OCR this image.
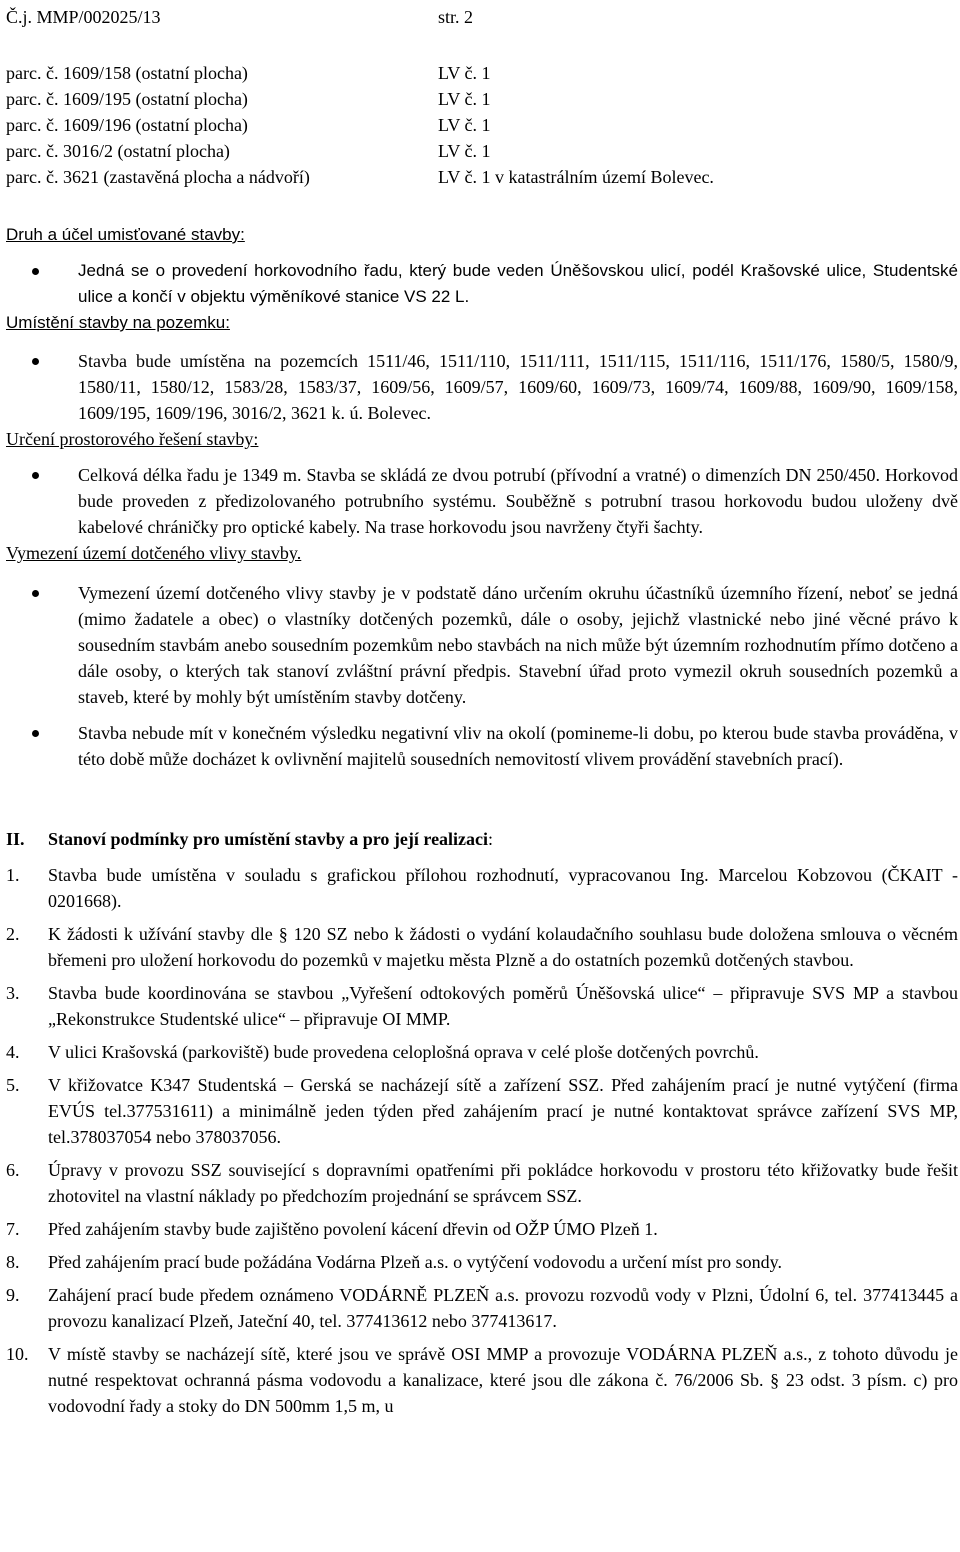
Č.j. MMP/002025/13	str. 2
parc. č. 1609/158 (ostatní plocha)	LV č. 1
parc. č. 1609/195 (ostatní plocha)	LV č. 1
parc. č. 1609/196 (ostatní plocha)	LV č. 1
parc. č. 3016/2 (ostatní plocha)	LV č. 1
parc. č. 3621 (zastavěná plocha a nádvoří)	LV č. 1 v katastrálním území Bolevec.

Druh a účel umisťované stavby:

Jedná se o provedení horkovodního řadu, který bude veden Úněšovskou ulicí, podél Krašovské ulice, Studentské ulice a končí v objektu výměníkové stanice VS 22 L.

Umístění stavby na pozemku:

Stavba bude umístěna na pozemcích 1511/46, 1511/110, 1511/111, 1511/115, 1511/116, 1511/176, 1580/5, 1580/9, 1580/11, 1580/12, 1583/28, 1583/37, 1609/56, 1609/57, 1609/60, 1609/73, 1609/74, 1609/88, 1609/90, 1609/158, 1609/195, 1609/196, 3016/2, 3621 k. ú. Bolevec.

Určení prostorového řešení stavby:

Celková délka řadu je 1349 m. Stavba se skládá ze dvou potrubí (přívodní a vratné) o dimenzích DN 250/450. Horkovod bude proveden z předizolovaného potrubního systému. Souběžně s potrubní trasou horkovodu budou uloženy dvě kabelové chráničky pro optické kabely. Na trase horkovodu jsou navrženy čtyři šachty.

Vymezení území dotčeného vlivy stavby.

Vymezení území dotčeného vlivy stavby je v podstatě dáno určením okruhu účastníků územního řízení, neboť se jedná (mimo žadatele a obec) o vlastníky dotčených pozemků, dále o osoby, jejichž vlastnické nebo jiné věcné právo k sousedním stavbám anebo sousedním pozemkům nebo stavbách na nich může být územním rozhodnutím přímo dotčeno a dále osoby, o kterých tak stanoví zvláštní právní předpis. Stavební úřad proto vymezil okruh sousedních pozemků a staveb, které by mohly být umístěním stavby dotčeny.
Stavba nebude mít v konečném výsledku negativní vliv na okolí (pomineme-li dobu, po kterou bude stavba prováděna, v této době může docházet k ovlivnění majitelů sousedních nemovitostí vlivem provádění stavebních prací).
II. Stanoví podmínky pro umístění stavby a pro její realizaci:
1. Stavba bude umístěna v souladu s grafickou přílohou rozhodnutí, vypracovanou Ing. Marcelou Kobzovou (ČKAIT - 0201668).
2. K žádosti k užívání stavby dle § 120 SZ nebo k žádosti o vydání kolaudačního souhlasu bude doložena smlouva o věcném břemeni pro uložení horkovodu do pozemků v majetku města Plzně a do ostatních pozemků dotčených stavbou.
3. Stavba bude koordinována se stavbou „Vyřešení odtokových poměrů Úněšovská ulice“ – připravuje SVS MP a stavbou „Rekonstrukce Studentské ulice“ – připravuje OI MMP.
4. V ulici Krašovská (parkoviště) bude provedena celoplošná oprava v celé ploše dotčených povrchů.
5. V křižovatce K347 Studentská – Gerská se nacházejí sítě a zařízení SSZ. Před zahájením prací je nutné vytýčení (firma EVÚS tel.377531611) a minimálně jeden týden před zahájením prací je nutné kontaktovat správce zařízení SVS MP, tel.378037054 nebo 378037056.
6. Úpravy v provozu SSZ související s dopravními opatřeními při pokládce horkovodu v prostoru této křižovatky bude řešit zhotovitel na vlastní náklady po předchozím projednání se správcem SSZ.
7. Před zahájením stavby bude zajištěno povolení kácení dřevin od OŽP ÚMO Plzeň 1.
8. Před zahájením prací bude požádána Vodárna Plzeň a.s. o vytýčení vodovodu a určení míst pro sondy.
9. Zahájení prací bude předem oznámeno VODÁRNĚ PLZEŇ a.s. provozu rozvodů vody v Plzni, Údolní 6, tel. 377413445 a provozu kanalizací Plzeň, Jateční 40, tel. 377413612 nebo 377413617.
10. V místě stavby se nacházejí sítě, které jsou ve správě OSI MMP a provozuje VODÁRNA PLZEŇ a.s., z tohoto důvodu je nutné respektovat ochranná pásma vodovodu a kanalizace, které jsou dle zákona č. 76/2006 Sb. § 23 odst. 3 písm. c) pro vodovodní řady a stoky do DN 500mm 1,5 m, u
